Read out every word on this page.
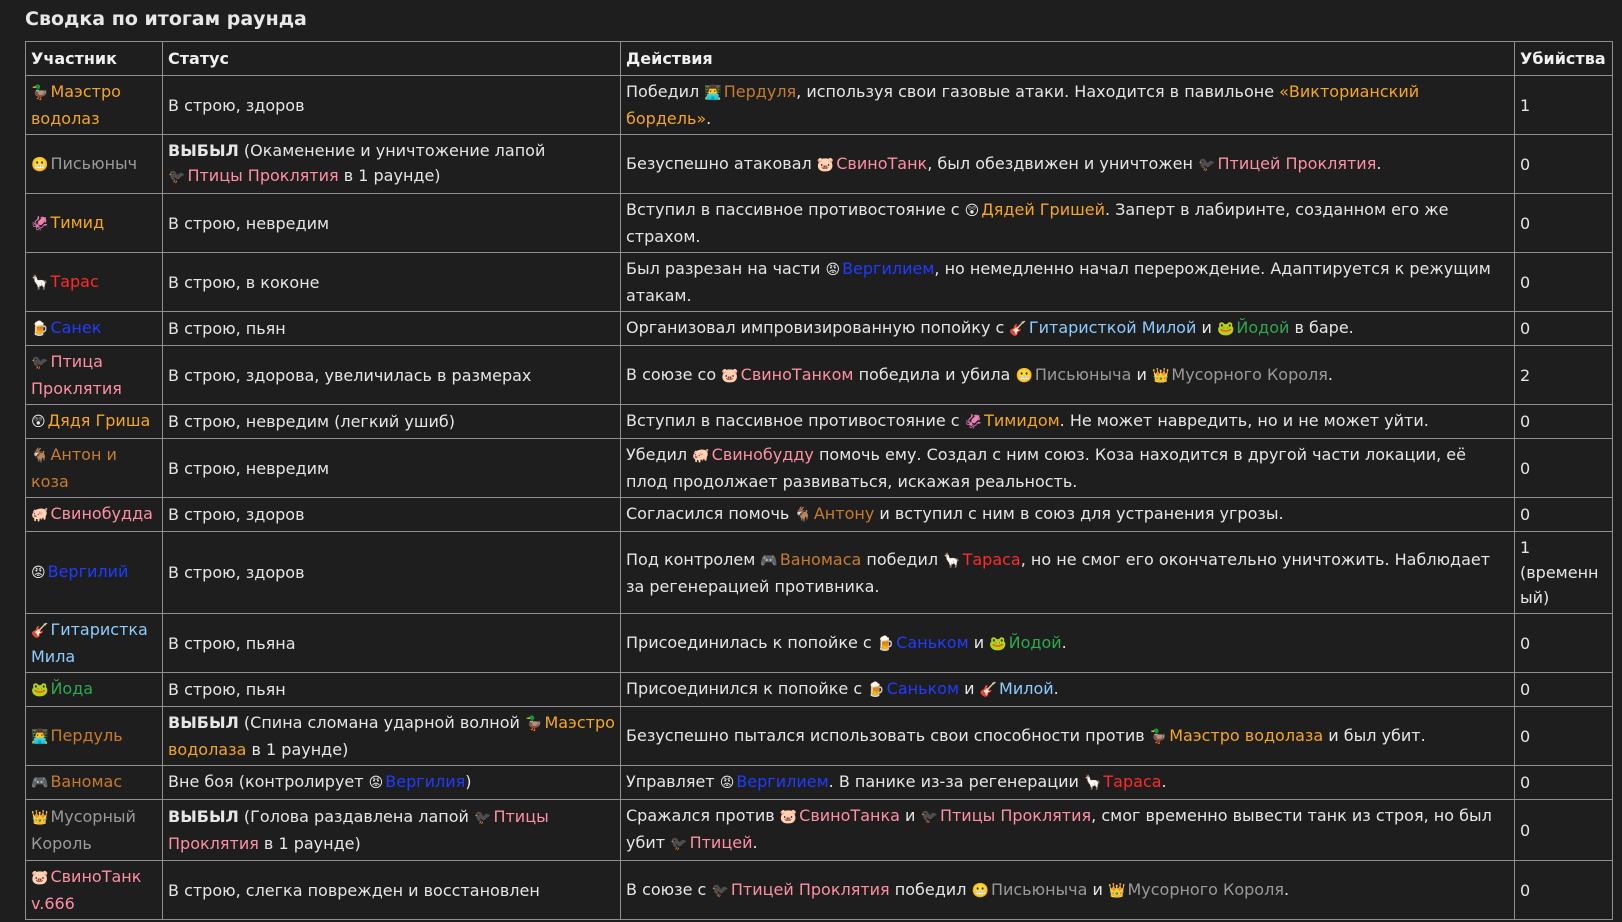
Сводка по итогам раунда
Участник	Статус	Действия	Убийства
🦆 Маэстро водолаз	В строю, здоров	Победил 👨‍💻 Пердуля, используя свои газовые атаки. Находится в павильоне «Викторианский бордель».	1
😬 Письюныч	ВЫБЫЛ (Окаменение и уничтожение лапой 🐦‍⬛ Птицы Проклятия в 1 раунде)	Безуспешно атаковал 🐷 СвиноТанк, был обездвижен и уничтожен 🐦‍⬛ Птицей Проклятия.	0
🦑 Тимид	В строю, невредим	Вступил в пассивное противостояние с 😲 Дядей Гришей. Заперт в лабиринте, созданном его же страхом.	0
🦙 Тарас	В строю, в коконе	Был разрезан на части 😡 Вергилием, но немедленно начал перерождение. Адаптируется к режущим атакам.	0
🍺 Санек	В строю, пьян	Организовал импровизированную попойку с 🎸 Гитаристкой Милой и 🐸 Йодой в баре.	0
🐦‍⬛ Птица Проклятия	В строю, здорова, увеличилась в размерах	В союзе со 🐷 СвиноТанком победила и убила 😬 Письюныча и 👑 Мусорного Короля.	2
😲 Дядя Гриша	В строю, невредим (легкий ушиб)	Вступил в пассивное противостояние с 🦑 Тимидом. Не может навредить, но и не может уйти.	0
🐐 Антон и коза	В строю, невредим	Убедил 🐖 Свинобудду помочь ему. Создал с ним союз. Коза находится в другой части локации, её плод продолжает развиваться, искажая реальность.	0
🐖 Свинобудда	В строю, здоров	Согласился помочь 🐐 Антону и вступил с ним в союз для устранения угрозы.	0
😡 Вергилий	В строю, здоров	Под контролем 🎮 Ваномаса победил 🦙 Тараса, но не смог его окончательно уничтожить. Наблюдает за регенерацией противника.	1 (временный)
🎸 Гитаристка Мила	В строю, пьяна	Присоединилась к попойке с 🍺 Саньком и 🐸 Йодой.	0
🐸 Йода	В строю, пьян	Присоединился к попойке с 🍺 Саньком и 🎸 Милой.	0
👨‍💻 Пердуль	ВЫБЫЛ (Спина сломана ударной волной 🦆 Маэстро водолаза в 1 раунде)	Безуспешно пытался использовать свои способности против 🦆 Маэстро водолаза и был убит.	0
🎮 Ваномас	Вне боя (контролирует 😡 Вергилия)	Управляет 😡 Вергилием. В панике из-за регенерации 🦙 Тараса.	0
👑 Мусорный Король	ВЫБЫЛ (Голова раздавлена лапой 🐦‍⬛ Птицы Проклятия в 1 раунде)	Сражался против 🐷 СвиноТанка и 🐦‍⬛ Птицы Проклятия, смог временно вывести танк из строя, но был убит 🐦‍⬛ Птицей.	0
🐷 СвиноТанк v.666	В строю, слегка поврежден и восстановлен	В союзе с 🐦‍⬛ Птицей Проклятия победил 😬 Письюныча и 👑 Мусорного Короля.	0
